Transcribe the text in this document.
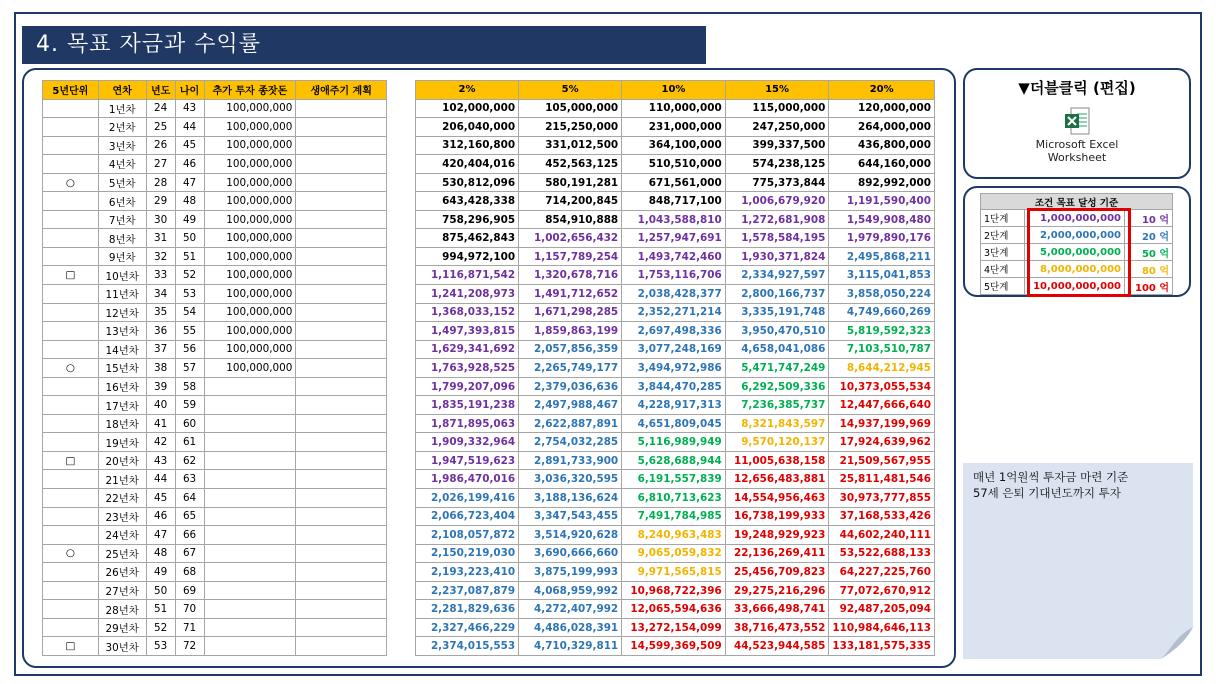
4. 목표 자금과 수익률
5년단위	연차	년도	나이	추가 투자 종잣돈	생애주기 계획
	1년차	24	43	100,000,000	
	2년차	25	44	100,000,000	
	3년차	26	45	100,000,000	
	4년차	27	46	100,000,000	
○	5년차	28	47	100,000,000	
	6년차	29	48	100,000,000	
	7년차	30	49	100,000,000	
	8년차	31	50	100,000,000	
	9년차	32	51	100,000,000	
□	10년차	33	52	100,000,000	
	11년차	34	53	100,000,000	
	12년차	35	54	100,000,000	
	13년차	36	55	100,000,000	
	14년차	37	56	100,000,000	
○	15년차	38	57	100,000,000	
	16년차	39	58		
	17년차	40	59		
	18년차	41	60		
	19년차	42	61		
□	20년차	43	62		
	21년차	44	63		
	22년차	45	64		
	23년차	46	65		
	24년차	47	66		
○	25년차	48	67		
	26년차	49	68		
	27년차	50	69		
	28년차	51	70		
	29년차	52	71		
□	30년차	53	72		
2%	5%	10%	15%	20%
102,000,000	105,000,000	110,000,000	115,000,000	120,000,000
206,040,000	215,250,000	231,000,000	247,250,000	264,000,000
312,160,800	331,012,500	364,100,000	399,337,500	436,800,000
420,404,016	452,563,125	510,510,000	574,238,125	644,160,000
530,812,096	580,191,281	671,561,000	775,373,844	892,992,000
643,428,338	714,200,845	848,717,100	1,006,679,920	1,191,590,400
758,296,905	854,910,888	1,043,588,810	1,272,681,908	1,549,908,480
875,462,843	1,002,656,432	1,257,947,691	1,578,584,195	1,979,890,176
994,972,100	1,157,789,254	1,493,742,460	1,930,371,824	2,495,868,211
1,116,871,542	1,320,678,716	1,753,116,706	2,334,927,597	3,115,041,853
1,241,208,973	1,491,712,652	2,038,428,377	2,800,166,737	3,858,050,224
1,368,033,152	1,671,298,285	2,352,271,214	3,335,191,748	4,749,660,269
1,497,393,815	1,859,863,199	2,697,498,336	3,950,470,510	5,819,592,323
1,629,341,692	2,057,856,359	3,077,248,169	4,658,041,086	7,103,510,787
1,763,928,525	2,265,749,177	3,494,972,986	5,471,747,249	8,644,212,945
1,799,207,096	2,379,036,636	3,844,470,285	6,292,509,336	10,373,055,534
1,835,191,238	2,497,988,467	4,228,917,313	7,236,385,737	12,447,666,640
1,871,895,063	2,622,887,891	4,651,809,045	8,321,843,597	14,937,199,969
1,909,332,964	2,754,032,285	5,116,989,949	9,570,120,137	17,924,639,962
1,947,519,623	2,891,733,900	5,628,688,944	11,005,638,158	21,509,567,955
1,986,470,016	3,036,320,595	6,191,557,839	12,656,483,881	25,811,481,546
2,026,199,416	3,188,136,624	6,810,713,623	14,554,956,463	30,973,777,855
2,066,723,404	3,347,543,455	7,491,784,985	16,738,199,933	37,168,533,426
2,108,057,872	3,514,920,628	8,240,963,483	19,248,929,923	44,602,240,111
2,150,219,030	3,690,666,660	9,065,059,832	22,136,269,411	53,522,688,133
2,193,223,410	3,875,199,993	9,971,565,815	25,456,709,823	64,227,225,760
2,237,087,879	4,068,959,992	10,968,722,396	29,275,216,296	77,072,670,912
2,281,829,636	4,272,407,992	12,065,594,636	33,666,498,741	92,487,205,094
2,327,466,229	4,486,028,391	13,272,154,099	38,716,473,552	110,984,646,113
2,374,015,553	4,710,329,811	14,599,369,509	44,523,944,585	133,181,575,335
▼더블클릭 (편집)
Microsoft Excel
Worksheet
조건 목표 달성 기준		
1단계	1,000,000,000	10 억
2단계	2,000,000,000	20 억
3단계	5,000,000,000	50 억
4단계	8,000,000,000	80 억
5단계	10,000,000,000	100 억
매년 1억원씩 투자금 마련 기준
57세 은퇴 기대년도까지 투자
